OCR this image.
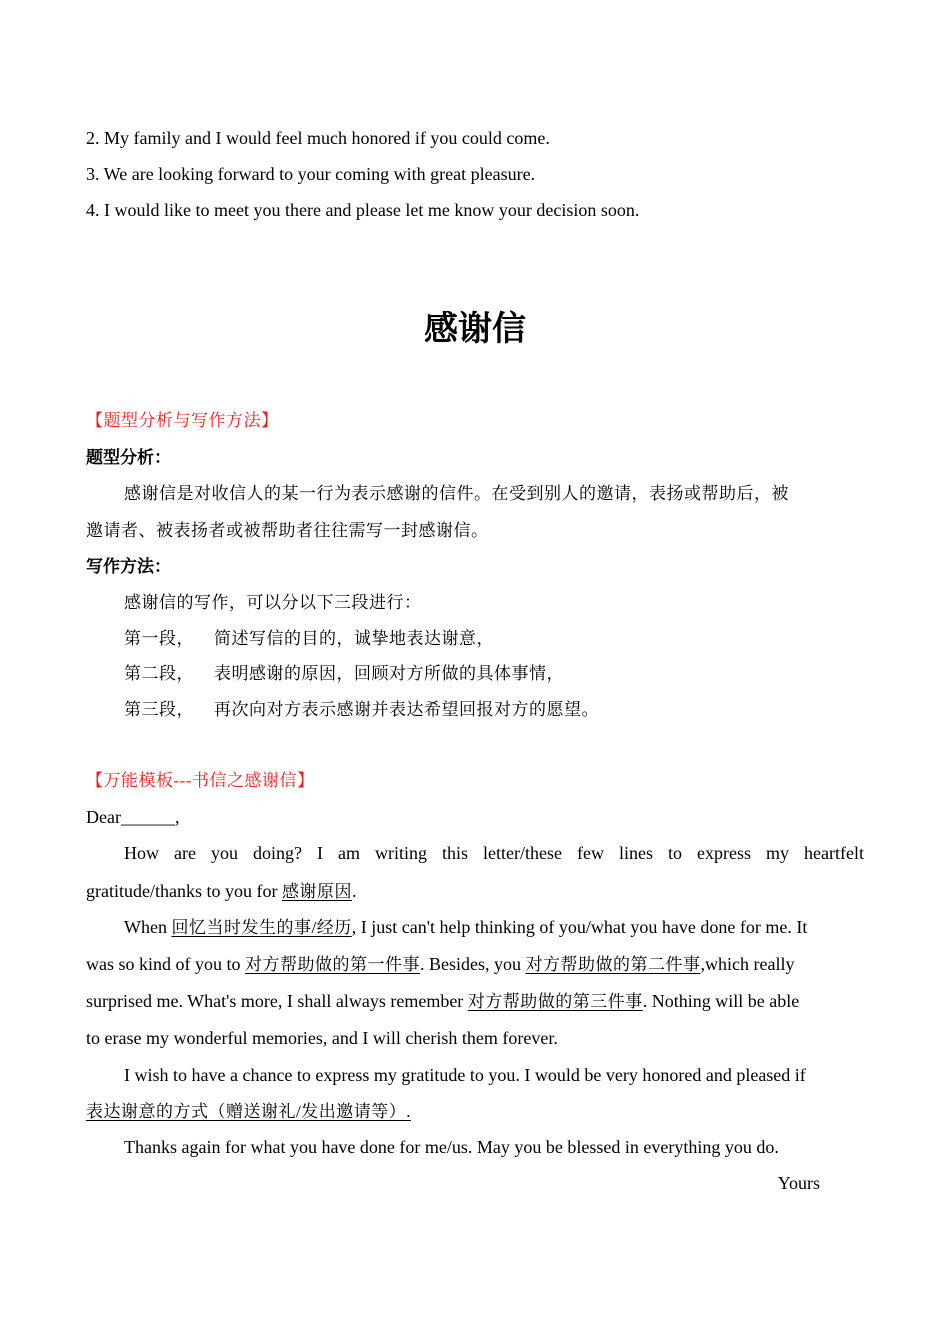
2. My family and I would feel much honored if you could come.
3. We are looking forward to your coming with great pleasure.
4. I would like to meet you there and please let me know your decision soon.
感谢信
【题型分析与写作方法】
题型分析：
感谢信是对收信人的某一行为表示感谢的信件。在受到别人的邀请，表扬或帮助后，被
邀请者、被表扬者或被帮助者往往需写一封感谢信。
写作方法：
感谢信的写作，可以分以下三段进行：
第一段， 简述写信的目的，诚挚地表达谢意，
第二段， 表明感谢的原因，回顾对方所做的具体事情，
第三段， 再次向对方表示感谢并表达希望回报对方的愿望。
【万能模板---书信之感谢信】
Dear______,
How are you doing? I am writing this letter/these few lines to express my heartfelt
gratitude/thanks to you for 感谢原因.
When 回忆当时发生的事/经历, I just can't help thinking of you/what you have done for me. It
was so kind of you to 对方帮助做的第一件事. Besides, you 对方帮助做的第二件事,which really
surprised me. What's more, I shall always remember 对方帮助做的第三件事. Nothing will be able
to erase my wonderful memories, and I will cherish them forever.
I wish to have a chance to express my gratitude to you. I would be very honored and pleased if
表达谢意的方式（赠送谢礼/发出邀请等）.
Thanks again for what you have done for me/us. May you be blessed in everything you do.
Yours
